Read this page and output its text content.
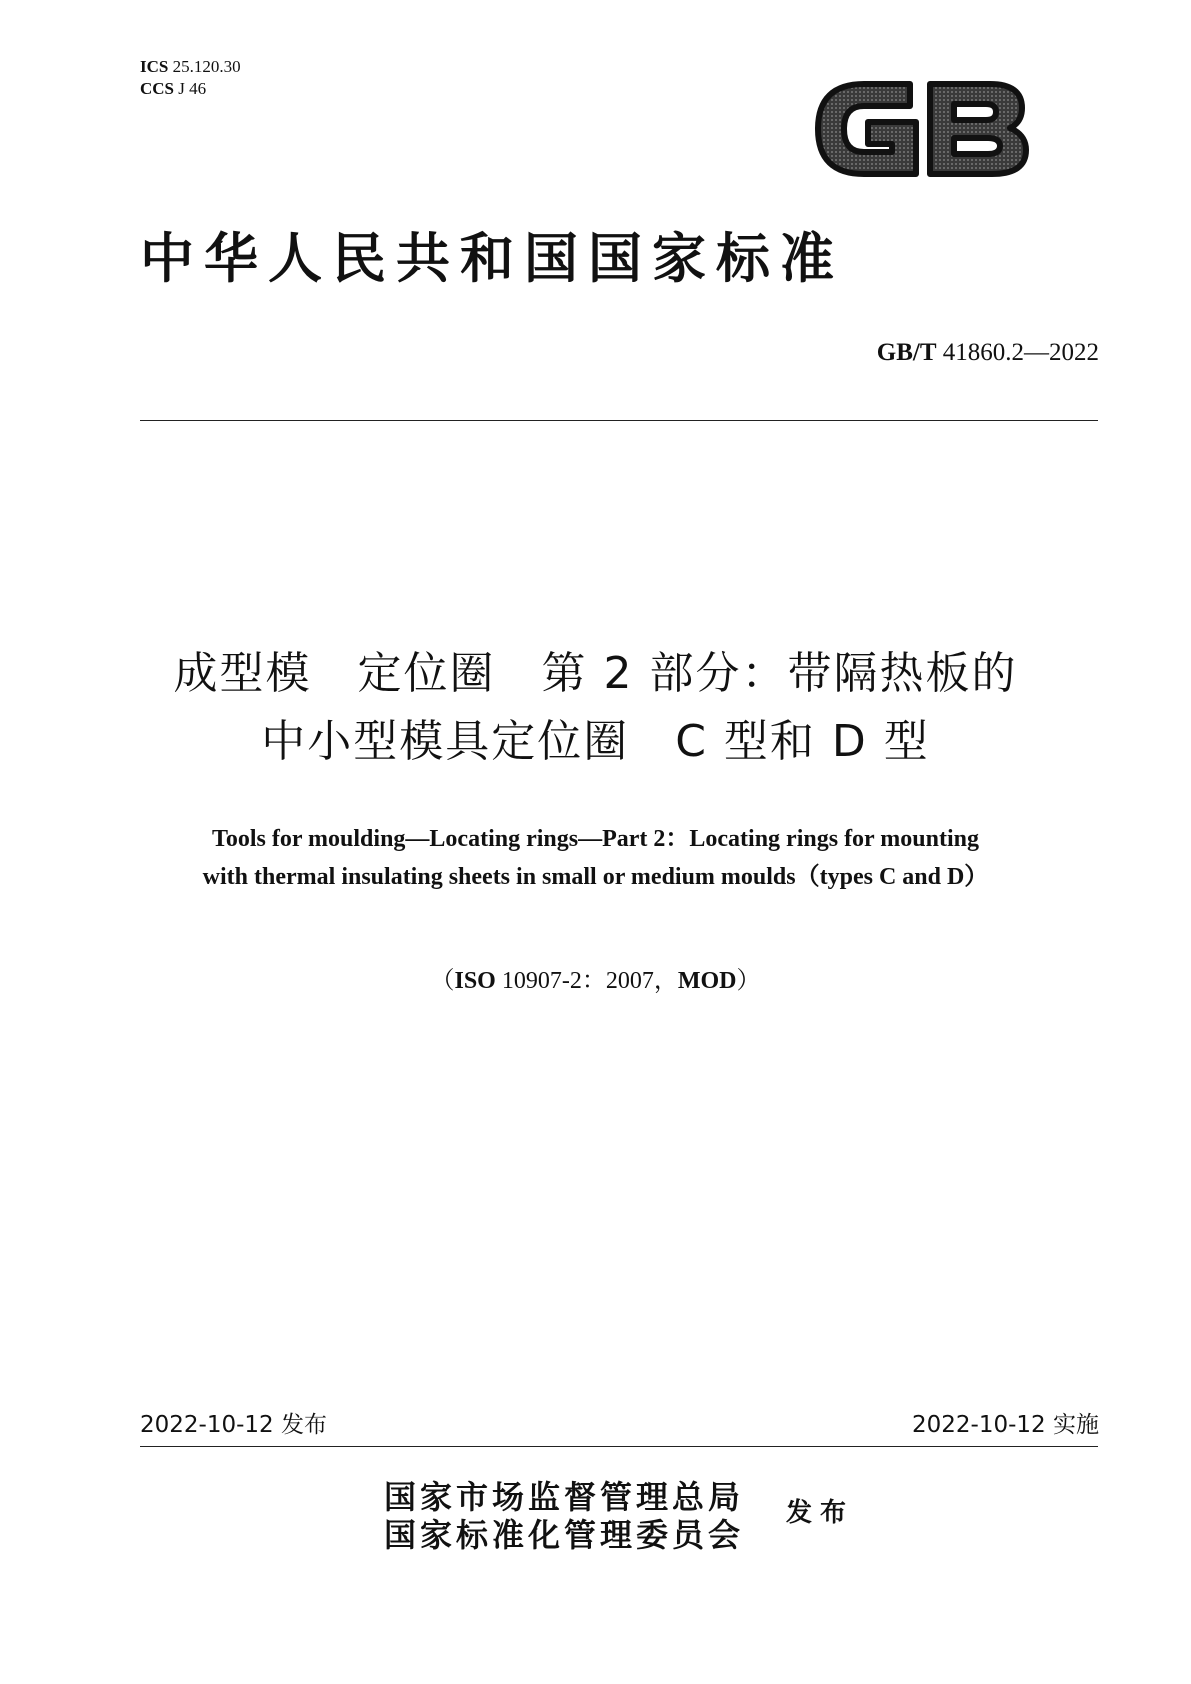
ICS 25.120.30
CCS J 46
中华人民共和国国家标准
GB/T 41860.2—2022
成型模　定位圈　第 2 部分：带隔热板的
中小型模具定位圈　C 型和 D 型
Tools for moulding—Locating rings—Part 2：Locating rings for mounting
with thermal insulating sheets in small or medium moulds（types C and D）
（ISO 10907-2：2007，MOD）
2022-10-12 发布	2022-10-12 实施
国家市场监督管理总局
国家标准化管理委员会
发布
